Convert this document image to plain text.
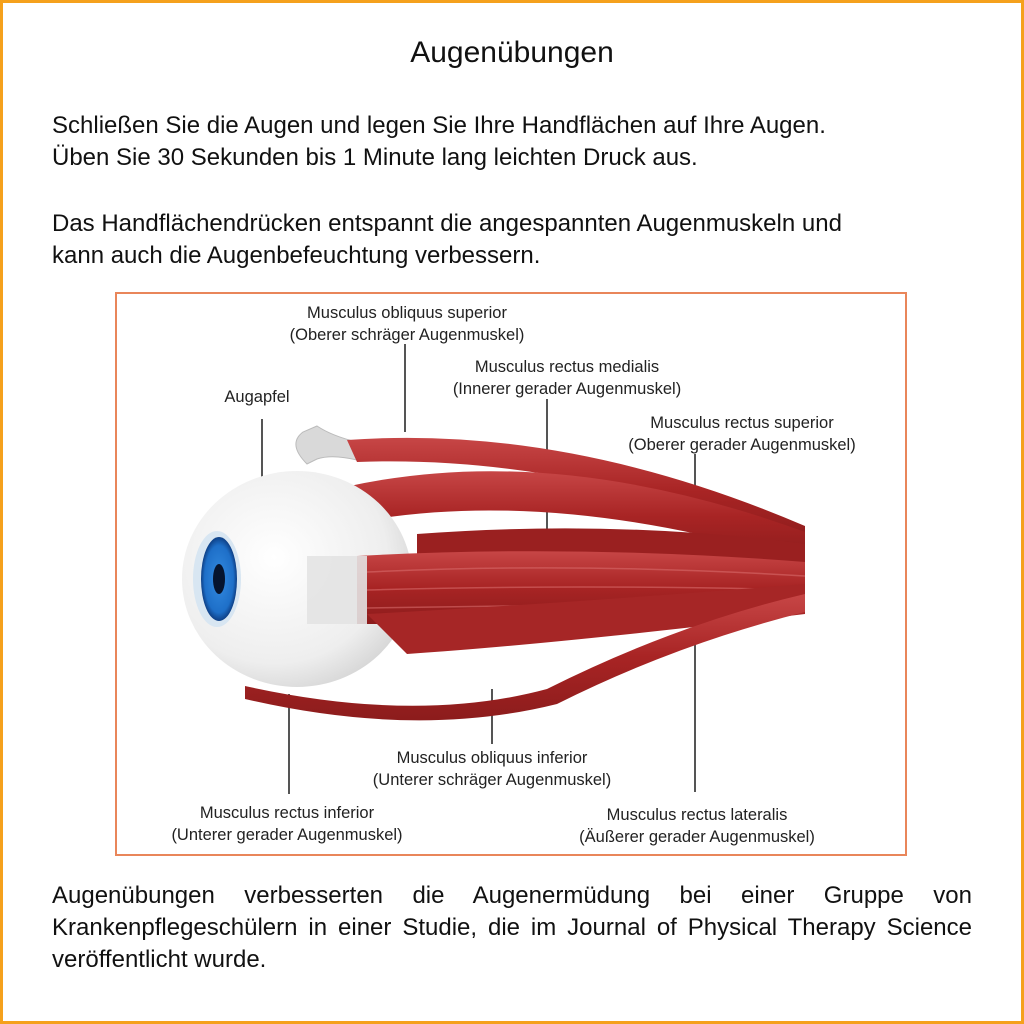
Augenübungen
Schließen Sie die Augen und legen Sie Ihre Handflächen auf Ihre Augen.
Üben Sie 30 Sekunden bis 1 Minute lang leichten Druck aus.
Das Handflächendrücken entspannt die angespannten Augenmuskeln und
kann auch die Augenbefeuchtung verbessern.
Musculus obliquus superior
(Oberer schräger Augenmuskel)
Musculus rectus medialis
(Innerer gerader Augenmuskel)
Augapfel
Musculus rectus superior
(Oberer gerader Augenmuskel)
Musculus obliquus inferior
(Unterer schräger Augenmuskel)
Musculus rectus inferior
(Unterer gerader Augenmuskel)
Musculus rectus lateralis
(Äußerer gerader Augenmuskel)
Augenübungen verbesserten die Augenermüdung bei einer Gruppe von Krankenpflegeschülern in einer Studie, die im Journal of Physical Therapy Science veröffentlicht wurde.
